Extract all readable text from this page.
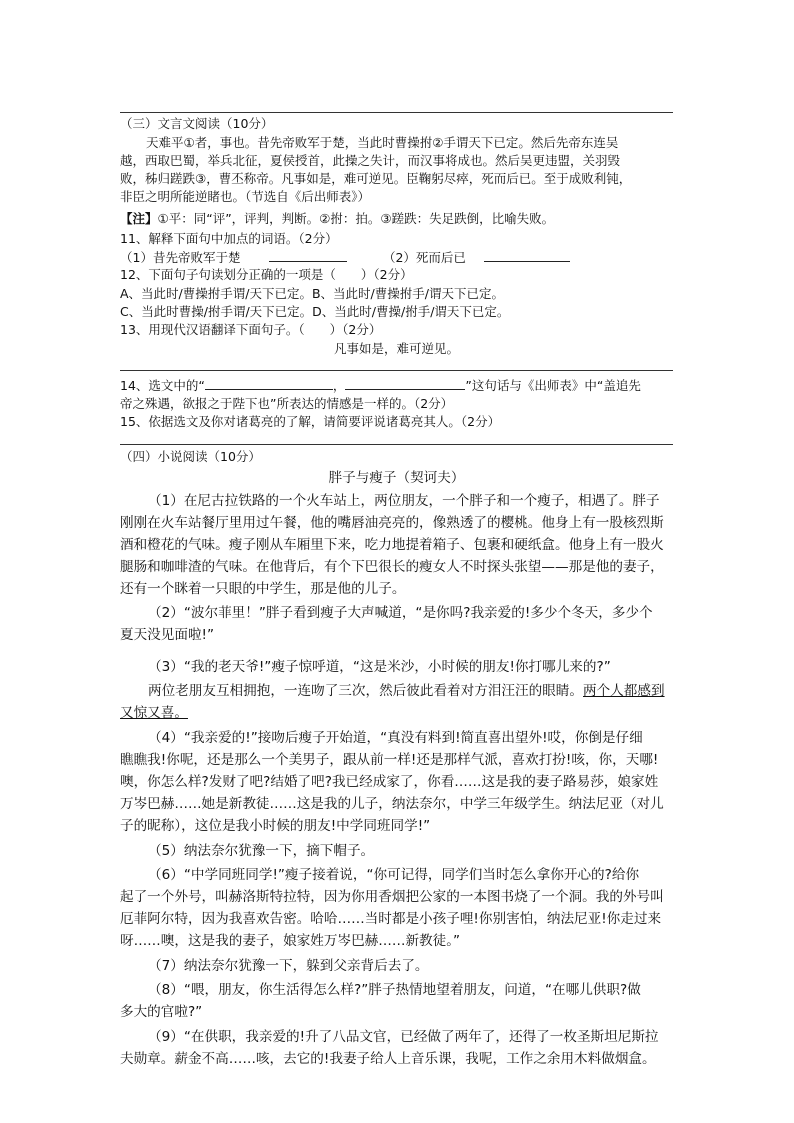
（三）文言文阅读（10分）
天难平①者，事也。昔先帝败军于楚，当此时曹操拊②手谓天下已定。然后先帝东连吴
越，西取巴蜀，举兵北征，夏侯授首，此操之失计，而汉事将成也。然后吴更违盟，关羽毁
败，秭归蹉跌③，曹丕称帝。凡事如是，难可逆见。臣鞠躬尽瘁，死而后已。至于成败利钝，
非臣之明所能逆睹也。（节选自《后出师表》）
【注】①平：同“评”，评判，判断。②拊：拍。③蹉跌：失足跌倒，比喻失败。
11、解释下面句中加点的词语。（2分）
（1）昔先帝败军于楚	（2）死而后已
12、下面句子句读划分正确的一项是（　　）（2分）
A、当此时/曹操拊手谓/天下已定。B、当此时/曹操拊手/谓天下已定。
C、当此时曹操/拊手谓/天下已定。D、当此时/曹操/拊手/谓天下已定。
13、用现代汉语翻译下面句子。（　　）（2分）
凡事如是，难可逆见。
14、选文中的“	，	”这句话与《出师表》中“盖追先
帝之殊遇，欲报之于陛下也”所表达的情感是一样的。（2分）
15、依据选文及你对诸葛亮的了解，请简要评说诸葛亮其人。（2分）
（四）小说阅读（10分）
胖子与瘦子（契诃夫）
（1）在尼古拉铁路的一个火车站上，两位朋友，一个胖子和一个瘦子，相遇了。胖子
刚刚在火车站餐厅里用过午餐，他的嘴唇油亮亮的，像熟透了的樱桃。他身上有一股核烈斯
酒和橙花的气味。瘦子刚从车厢里下来，吃力地提着箱子、包裹和硬纸盒。他身上有一股火
腿肠和咖啡渣的气味。在他背后，有个下巴很长的瘦女人不时探头张望——那是他的妻子，
还有一个眯着一只眼的中学生，那是他的儿子。
（2）“波尔菲里！”胖子看到瘦子大声喊道，“是你吗?我亲爱的!多少个冬天，多少个
夏天没见面啦!”
（3）“我的老天爷!”瘦子惊呼道，“这是米沙，小时候的朋友!你打哪儿来的?”
两位老朋友互相拥抱，一连吻了三次，然后彼此看着对方泪汪汪的眼睛。两个人都感到
又惊又喜。
（4）“我亲爱的!”接吻后瘦子开始道，“真没有料到!简直喜出望外!哎，你倒是仔细
瞧瞧我!你呢，还是那么一个美男子，跟从前一样!还是那样气派，喜欢打扮!咳，你，天哪!
噢，你怎么样?发财了吧?结婚了吧?我已经成家了，你看……这是我的妻子路易莎，娘家姓
万岑巴赫……她是新教徒……这是我的儿子，纳法奈尔，中学三年级学生。纳法尼亚（对儿
子的昵称），这位是我小时候的朋友!中学同班同学!”
（5）纳法奈尔犹豫一下，摘下帽子。
（6）“中学同班同学!”瘦子接着说，“你可记得，同学们当时怎么拿你开心的?给你
起了一个外号，叫赫洛斯特拉特，因为你用香烟把公家的一本图书烧了一个洞。我的外号叫
厄菲阿尔特，因为我喜欢告密。哈哈……当时都是小孩子哩!你别害怕，纳法尼亚!你走过来
呀……噢，这是我的妻子，娘家姓万岑巴赫……新教徒。”
（7）纳法奈尔犹豫一下，躲到父亲背后去了。
（8）“喂，朋友，你生活得怎么样?”胖子热情地望着朋友，问道，“在哪儿供职?做
多大的官啦?”
（9）“在供职，我亲爱的!升了八品文官，已经做了两年了，还得了一枚圣斯坦尼斯拉
夫勋章。薪金不高……咳，去它的!我妻子给人上音乐课，我呢，工作之余用木料做烟盒。
